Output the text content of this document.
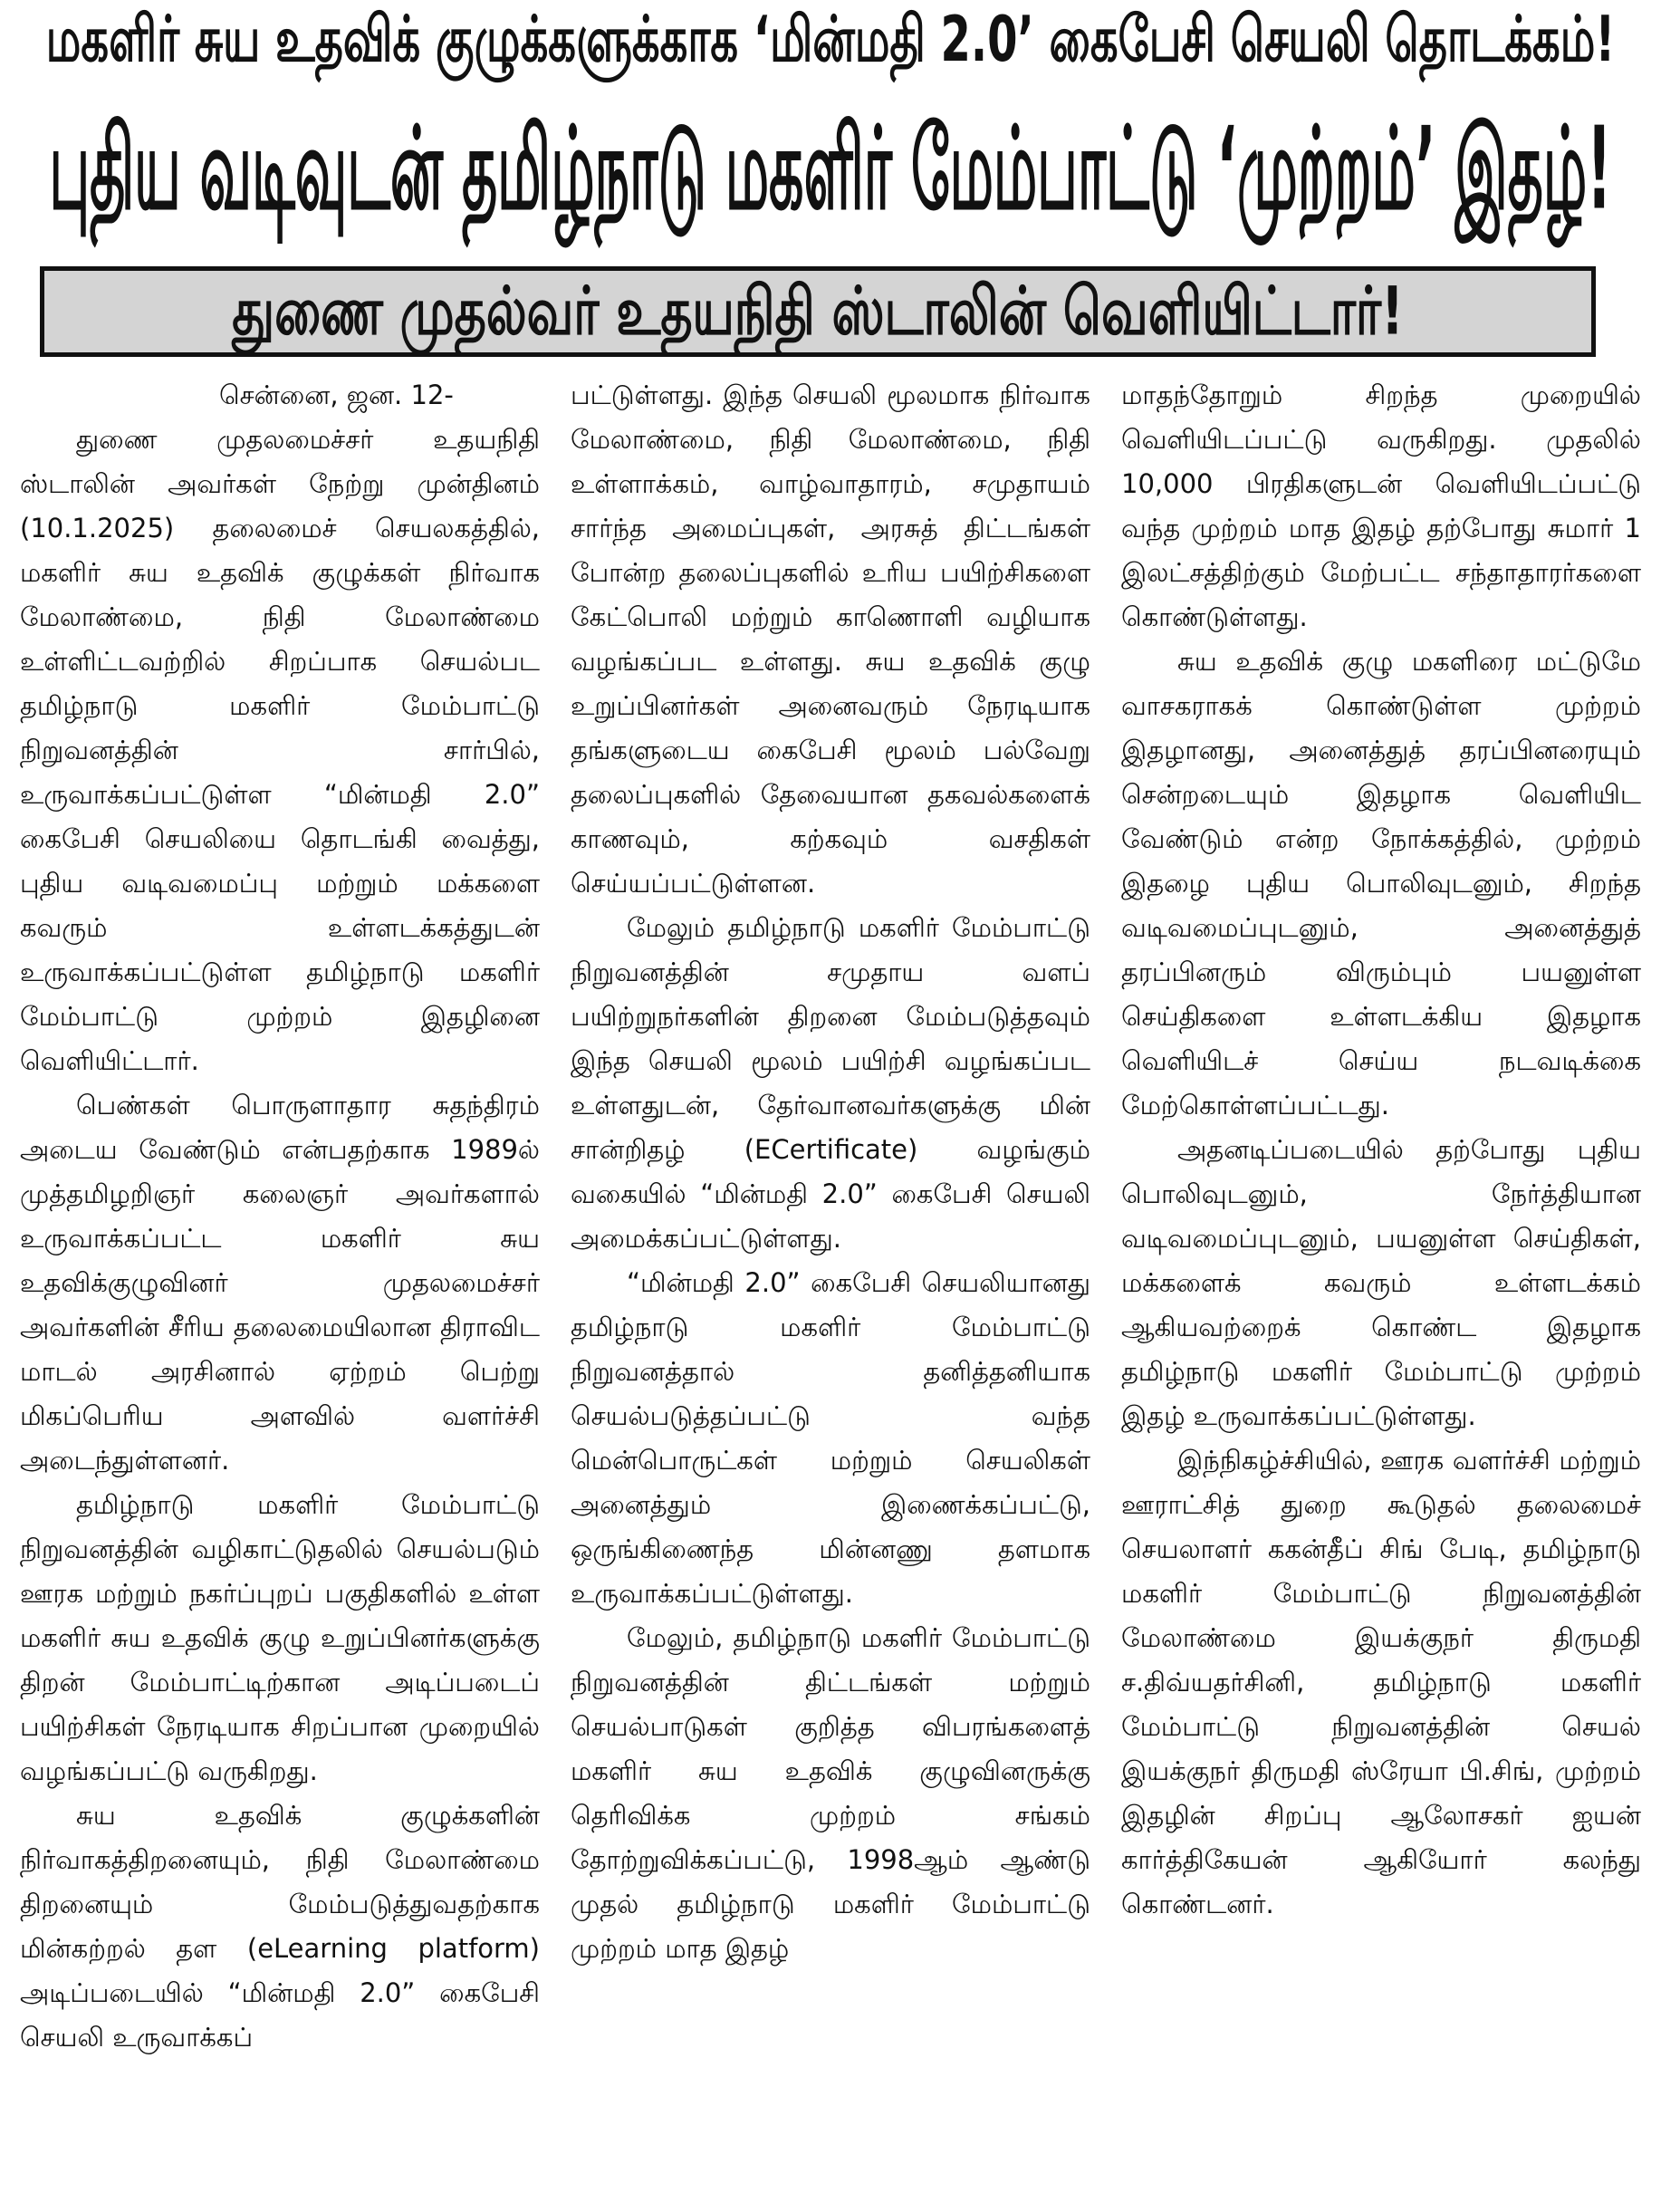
மகளிர் சுய உதவிக் குழுக்களுக்காக ‘மின்மதி 2.0’ கைபேசி செயலி தொடக்கம்!
புதிய வடிவுடன் தமிழ்நாடு மகளிர் மேம்பாட்டு ‘முற்றம்’ இதழ்!
துணை முதல்வர் உதயநிதி ஸ்டாலின் வெளியிட்டார்!

சென்னை, ஜன. 12-

துணை முதலமைச்சர் உதயநிதி ஸ்டாலின் அவர்கள் நேற்று முன்தினம் (10.1.2025) தலைமைச் செயலகத்தில், மகளிர் சுய உதவிக் குழுக்கள் நிர்வாக மேலாண்மை, நிதி மேலாண்மை உள்ளிட்டவற்றில் சிறப்பாக செயல்பட தமிழ்நாடு மகளிர் மேம்பாட்டு நிறுவனத்தின் சார்பில், உருவாக்கப்பட்டுள்ள “மின்மதி 2.0” கைபேசி செயலியை தொடங்கி வைத்து, புதிய வடிவமைப்பு மற்றும் மக்களை கவரும் உள்ளடக்கத்துடன் உருவாக்கப்பட்டுள்ள தமிழ்நாடு மகளிர் மேம்பாட்டு முற்றம் இதழினை வெளியிட்டார்.

பெண்கள் பொருளாதார சுதந்திரம் அடைய வேண்டும் என்பதற்காக 1989ல் முத்தமிழறிஞர் கலைஞர் அவர்களால் உருவாக்கப்பட்ட மகளிர் சுய உதவிக்குழுவினர் முதலமைச்சர் அவர்களின் சீரிய தலைமையிலான திராவிட மாடல் அரசினால் ஏற்றம் பெற்று மிகப்பெரிய அளவில் வளர்ச்சி அடைந்துள்ளனர்.

தமிழ்நாடு மகளிர் மேம்பாட்டு நிறுவனத்தின் வழிகாட்டுதலில் செயல்படும் ஊரக மற்றும் நகர்ப்புறப் பகுதிகளில் உள்ள மகளிர் சுய உதவிக் குழு உறுப்பினர்களுக்கு திறன் மேம்பாட்டிற்கான அடிப்படைப் பயிற்சிகள் நேரடியாக சிறப்பான முறையில் வழங்கப்பட்டு வருகிறது.

சுய உதவிக் குழுக்களின் நிர்வாகத்திறனையும், நிதி மேலாண்மை திறனையும் மேம்படுத்துவதற்காக மின்கற்றல் தள (eLearning platform) அடிப்படையில் “மின்மதி 2.0” கைபேசி செயலி உருவாக்கப்

பட்டுள்ளது. இந்த செயலி மூலமாக நிர்வாக மேலாண்மை, நிதி மேலாண்மை, நிதி உள்ளாக்கம், வாழ்வாதாரம், சமுதாயம் சார்ந்த அமைப்புகள், அரசுத் திட்டங்கள் போன்ற தலைப்புகளில் உரிய பயிற்சிகளை கேட்பொலி மற்றும் காணொளி வழியாக வழங்கப்பட உள்ளது. சுய உதவிக் குழு உறுப்பினர்கள் அனைவரும் நேரடியாக தங்களுடைய கைபேசி மூலம் பல்வேறு தலைப்புகளில் தேவையான தகவல்களைக் காணவும், கற்கவும் வசதிகள் செய்யப்பட்டுள்ளன.

மேலும் தமிழ்நாடு மகளிர் மேம்பாட்டு நிறுவனத்தின் சமுதாய வளப் பயிற்றுநர்களின் திறனை மேம்படுத்தவும் இந்த செயலி மூலம் பயிற்சி வழங்கப்பட உள்ளதுடன், தேர்வானவர்களுக்கு மின் சான்றிதழ் (ECertificate) வழங்கும் வகையில் “மின்மதி 2.0” கைபேசி செயலி அமைக்கப்பட்டுள்ளது.

“மின்மதி 2.0” கைபேசி செயலியானது தமிழ்நாடு மகளிர் மேம்பாட்டு நிறுவனத்தால் தனித்தனியாக செயல்படுத்தப்பட்டு வந்த மென்பொருட்கள் மற்றும் செயலிகள் அனைத்தும் இணைக்கப்பட்டு, ஒருங்கிணைந்த மின்னணு தளமாக உருவாக்கப்பட்டுள்ளது.

மேலும், தமிழ்நாடு மகளிர் மேம்பாட்டு நிறுவனத்தின் திட்டங்கள் மற்றும் செயல்பாடுகள் குறித்த விபரங்களைத் மகளிர் சுய உதவிக் குழுவினருக்கு தெரிவிக்க முற்றம் சங்கம் தோற்றுவிக்கப்பட்டு, 1998ஆம் ஆண்டு முதல் தமிழ்நாடு மகளிர் மேம்பாட்டு முற்றம் மாத இதழ்

மாதந்தோறும் சிறந்த முறையில் வெளியிடப்பட்டு வருகிறது. முதலில் 10,000 பிரதிகளுடன் வெளியிடப்பட்டு வந்த முற்றம் மாத இதழ் தற்போது சுமார் 1 இலட்சத்திற்கும் மேற்பட்ட சந்தாதாரர்களை கொண்டுள்ளது.

சுய உதவிக் குழு மகளிரை மட்டுமே வாசகராகக் கொண்டுள்ள முற்றம் இதழானது, அனைத்துத் தரப்பினரையும் சென்றடையும் இதழாக வெளியிட வேண்டும் என்ற நோக்கத்தில், முற்றம் இதழை புதிய பொலிவுடனும், சிறந்த வடிவமைப்புடனும், அனைத்துத் தரப்பினரும் விரும்பும் பயனுள்ள செய்திகளை உள்ளடக்கிய இதழாக வெளியிடச் செய்ய நடவடிக்கை மேற்கொள்ளப்பட்டது.

அதனடிப்படையில் தற்போது புதிய பொலிவுடனும், நேர்த்தியான வடிவமைப்புடனும், பயனுள்ள செய்திகள், மக்களைக் கவரும் உள்ளடக்கம் ஆகியவற்றைக் கொண்ட இதழாக தமிழ்நாடு மகளிர் மேம்பாட்டு முற்றம் இதழ் உருவாக்கப்பட்டுள்ளது.

இந்நிகழ்ச்சியில், ஊரக வளர்ச்சி மற்றும் ஊராட்சித் துறை கூடுதல் தலைமைச் செயலாளர் ககன்தீப் சிங் பேடி, தமிழ்நாடு மகளிர் மேம்பாட்டு நிறுவனத்தின் மேலாண்மை இயக்குநர் திருமதி ச.திவ்யதர்சினி, தமிழ்நாடு மகளிர் மேம்பாட்டு நிறுவனத்தின் செயல் இயக்குநர் திருமதி ஸ்ரேயா பி.சிங், முற்றம் இதழின் சிறப்பு ஆலோசகர் ஐயன் கார்த்திகேயன் ஆகியோர் கலந்து கொண்டனர்.
